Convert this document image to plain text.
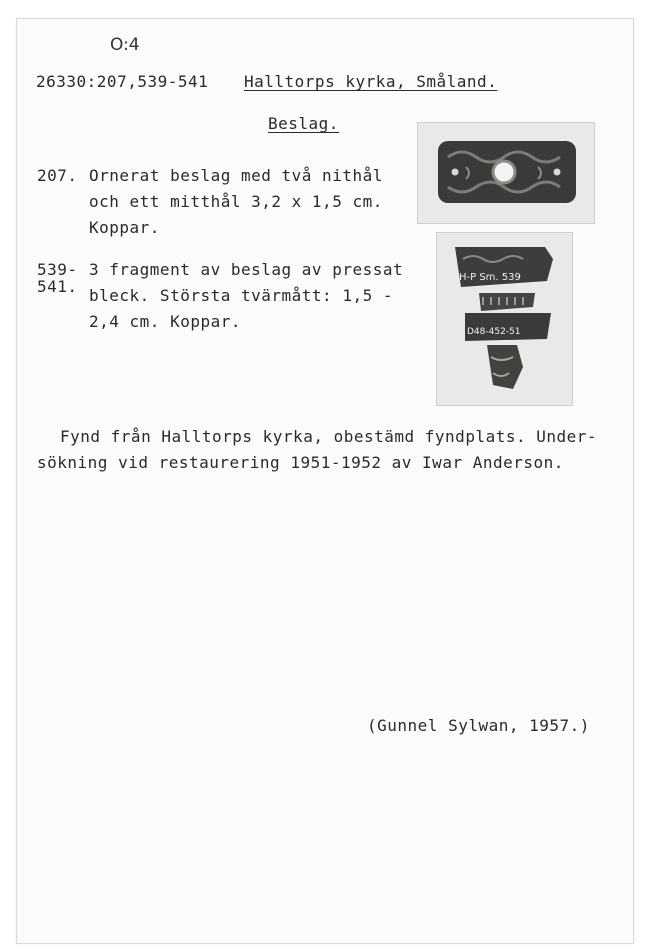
O:4
26330:207,539-541 Halltorps kyrka, Småland.
Beslag.
207. Ornerat beslag med två nithål
och ett mitthål 3,2 x 1,5 cm.
Koppar.
539-
541.
3 fragment av beslag av pressat
bleck. Största tvärmått: 1,5 -
2,4 cm. Koppar.
H-P Sm. 539
D48-452-51
Fynd från Halltorps kyrka, obestämd fyndplats. Under-
sökning vid restaurering 1951-1952 av Iwar Anderson.
(Gunnel Sylwan, 1957.)
